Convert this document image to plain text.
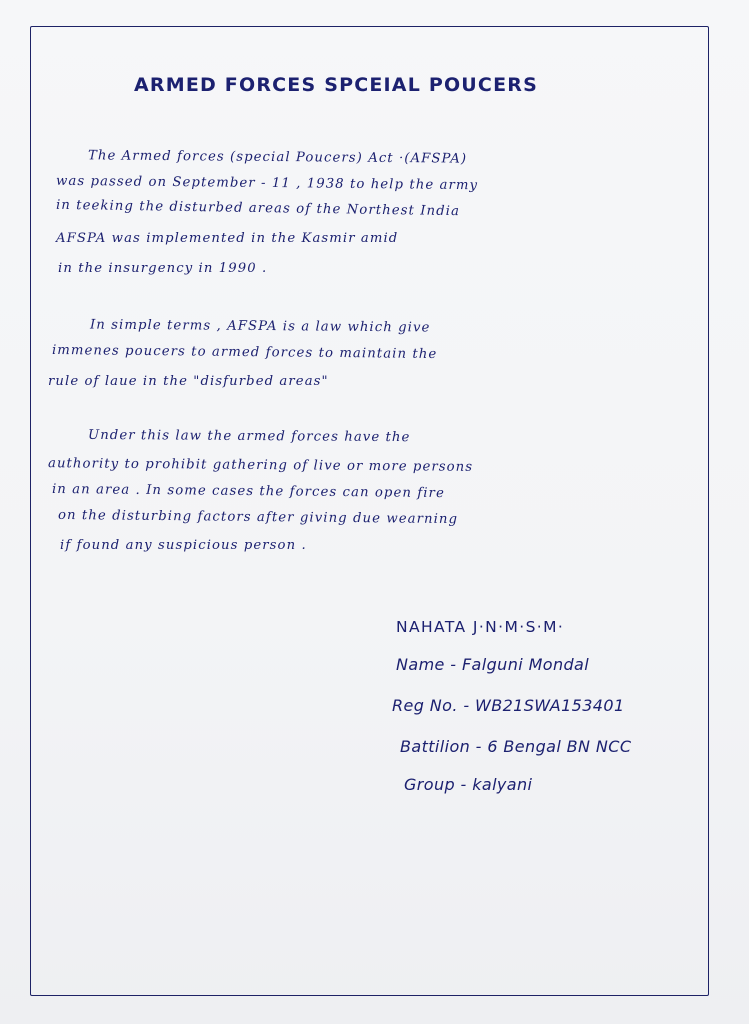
ARMED FORCES SPCEIAL POUCERS

The Armed forces (special Poucers) Act ·(AFSPA)

was passed on September - 11 , 1938 to help the army

in teeking the disturbed areas of the Northest India

AFSPA was implemented in the Kasmir amid

in the insurgency in 1990 .

In simple terms , AFSPA is a law which give

immenes poucers to armed forces to maintain the

rule of laue in the "disfurbed areas"

Under this law the armed forces have the

authority to prohibit gathering of live or more persons

in an area . In some cases the forces can open fire

on the disturbing factors after giving due wearning

if found any suspicious person .

NAHATA J·N·M·S·M·

Name - Falguni Mondal

Reg No. - WB21SWA153401

Battilion - 6 Bengal BN NCC

Group - kalyani
